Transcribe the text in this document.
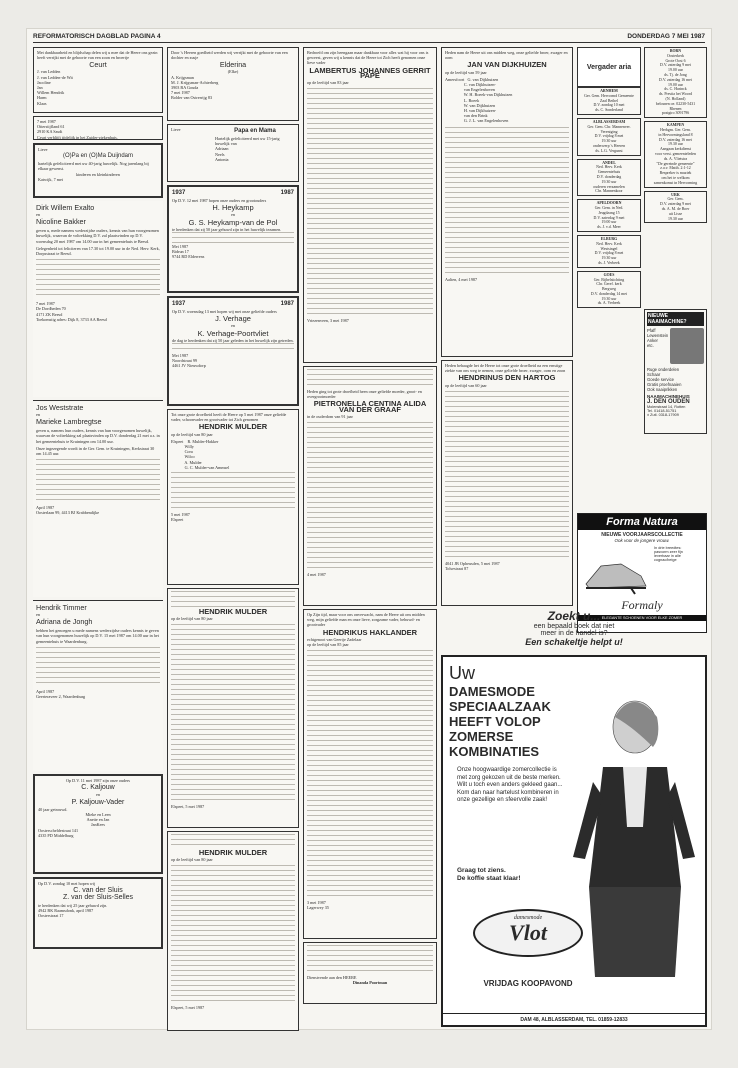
REFORMATORISCH DAGBLAD PAGINA 4	DONDERDAG 7 MEI 1987
Met dankbaarheid en blijdschap delen wij u mee dat de Heere ons gezin heeft verrijkt met de geboorte van een zoon en broertje
Ceurt
J. van Ledden
J. van Ledden-de Wit
Jacoline
Jan
Willem Hendrik
Harm
Klaas
7 mei 1987
Otterstijfland 61
2910 KA Sasdi
Ceurt verblijft tijdelijk in het Zuider-ziekenhuis.
Lieve
(O)Pa en (O)Ma Duijndam
hartelijk gefeliciteerd met uw 40-jarig huwelijk. Nog jarenlang bij elkaar gewenst.
kinderen en kleinkinderen
Katwijk, 7 mei
Dirk Willem Exalto
en
Nicoline Bakker
geven u, mede namens wederzijdse ouders, kennis van hun voorgenomen huwelijk, waarvan de voltrekking D.V. zal plaatsvinden op D.V. woensdag 20 mei 1987 om 14.00 uur in het gemeentehuis te Beesd.
Gelegenheid tot feliciteren van 17.30 tot 19.00 uur in de Ned. Herv. Kerk, Dorpsstraat te Beesd.
7 mei 1987
De Dordheden 70
4171 ZK Beesd
Toekomstig adres: Dijk 8, 3733 AA Beesd
Jos Weststrate
en
Marieke Lambregtse
geven u, namens hun ouders, kennis van hun voorgenomen huwelijk, waarvan de voltrekking zal plaatsvinden op D.V. donderdag 21 mei a.s. in het gemeentehuis te Kruiningen om 14.00 uur.
Onze ingezegende wordt in de Ger. Gem. te Kruiningen, Kerkstraat 30 om 14.45 uur.
April 1987
Oosterlaan 99, 4413 BJ Krabbendijke
Hendrik Timmer
en
Adriana de Jongh
hebben het genoegen u mede namens wederzijdse ouders kennis te geven van hun voorgenomen huwelijk op D.V. 15 mei 1987 om 14.00 uur in het gemeentehuis te Waardenburg.
April 1987
Geerteraveer 2, Waardenburg
Op D.V. 11 mei 1987 zijn onze ouders
C. Kaljouw
en
P. Kaljouw-Vader
40 jaar getrouwd.
Mieke en Leen
Anette en Jan
JanKees
Oosterscheldestraat 141
4335 PD Middelburg
Op D.V. zondag 10 mei hopen wij
C. van der Sluis
Z. van der Sluis-Selles
te herdenken dat wij 25 jaar gehuwd zijn.
4942 BK Raamsdonk, april 1987
Oosterstraat 17
Door 's Heeren goedheid werden wij verrijkt met de geboorte van een dochter en zusje
Elderina
(Elke)
A. Krijgsman
M. J. Krijgsman-Achterberg
3903 BA Gouda
7 mei 1987
Bolder van Ostrerrijg 83
Lieve	Papa en Mama
Hartelijk gefeliciteerd met uw 15-jarig huwelijk van
Adriaan
Neels
Antonia
1937	1987
Op D.V. 12 mei 1987 hopen onze ouders en grootouders
H. Heykamp
en
G. S. Heykamp-van de Pol
te herdenken dat zij 50 jaar gehuwd zijn in het huwelijk tezamen.
Mei 1987
Bidrun 17
9744 RD Elderrens
1937	1987
Op D.V. woensdag 13 mei hopen wij met onze geliefde ouders
J. Verhage
en
K. Verhage-Poortvliet
de dag te herdenken dat zij 50 jaar geleden in het huwelijk zijn getreden.
Mei 1987
Noordstraat 99
4461 JV Nieuwdorp
Tot onze grote droefheid heeft de Heere op 5 mei 1987 onze geliefde vader, schoonvader en grootvader tot Zich genomen
HENDRIK MULDER
op de leeftijd van 80 jaar
Elspeet    R. Mulder-Hakker
Willy
Cora
Wilco
A. Mulder
G. C. Mulder-van Ammsel
5 mei 1987
Elspeet
HENDRIK MULDER
op de leeftijd van 80 jaar
Elspeet, 5 mei 1987
HENDRIK MULDER
op de leeftijd van 80 jaar
Elspeet, 5 mei 1987
Bedroefd om zijn heengaan maar dankbaar voor alles wat hij voor ons is geweest, geven wij u kennis dat de Heere tot Zich heeft genomen onze lieve vader
LAMBERTUS JOHANNES GERRIT PAPE
op de leeftijd van 83 jaar
Vriezenveen, 3 mei 1987
Heden ging tot grote droefheid heen onze geliefde moeder, groot- en overgrootmoeder
PIETRONELLA CENTINA ALIDA VAN DER GRAAF
in de ouderdom van 91 jaar
4 mei 1987
Op Zijn tijd, maar voor ons onverwacht, nam de Heere uit ons midden weg, mijn geliefde man en onze lieve, zorgzame vader, behuwd- en grootvader
HENDRIKUS HAKLANDER
echtgenoot van Geertje Zadelaar
op de leeftijd van 85 jaar
3 mei 1987
Lagerwey 35
Dienstvende aan den HEERE
Dinanda Poortman
Heden nam de Heere uit ons midden weg, onze geliefde broer, zwager en oom
JAN VAN DIJKHUIZEN
op de leeftijd van 59 jaar
Amersfoort   G. van Dijkhuizen
C. van Dijkhuizen-
van Engelenhoven
W. H. Boeek-van Dijkhuizen
L. Boeek
W. van Dijkhuizen
H. van Dijkhuizen-
van den Brink
G. J. L. van Engelenhoven
Aalten, 4 mei 1987
Heden behaagde het de Heere tot onze grote droefheid na een ernstige ziekte van ons weg te nemen, onze geliefde broer, zwager, oom en zoon
HENDRINUS DEN HARTOG
op de leeftijd van 60 jaar
4041 JB Opheusden, 5 mei 1987
Tolsestraat 87
Vergader aria
ARNHEM
Ger. Gem. Hervormd Gemeente
Zaal Bethel
D.V. zondag 10 mei
ds. C. Sonderland
ALBLASSERDAM
Ger. Gem. Chr. Mannenver. Vereniging
D.V. vrijdag 8 mei
19.30 uur
onderwerp 's Heeren
ds. L.G. Vergunst
ANDEL
Ned. Herv. Kerk
Gemeentehuis
D.V. donderdag
19.30 uur
ouderen verzamelen
Chr. Mannenkoor
APELDOORN
Ger. Gem. in Ned.
Jeugdzang 15
D.V. zaterdag 9 mei
19.00 uur
ds. J. v.d. Meer
ELBURG
Ned. Herv. Kerk
Westsingel
D.V. vrijdag 8 mei
19.30 uur
ds. J. Verbeek
GOES
Ger. Bijbelstichting
Chr. Geref. kerk
Bergweg
D.V. donderdag 14 mei
19.30 uur
ds. A. Verbeek
BORN
Oosterkerk
Grote Oost 6
D.V. zaterdag 9 mei
19.00 uur
ds. Tj. de Jong
D.V. zaterdag 16 mei
19.00 uur
ds. C. Harinck
ds. Prestia het Woord
(N. Holland)
belosnen oe. 02230-5431
Rhenen
postgiro 3091796
KAMPEN
Herbgm. Ger. Gem.
in Hervormingsland 8
D.V. zaterdag 16 mei
19.30 uur
Aangaan kerkdienst
voor verst. gemeenteleden
ds. A. Vlietstra
"De gereinde gemeente"
z.a.v. Matth. 2:1-12
Bespreker is muziek
om het te welkom
samenkomst in Hervorming
URK
Ger. Gem.
D.V. zaterdag 9 mei
ds. A. M. de Boer
uit Lisse
19.30 uur
NIEUWE NAAIMACHINE?
Pfaff
Lewenstein
Anker
etc.
Ruge onderdelen
Schaar
Goede service
Gratis proefnaaien
Ook naaiprikken
NAAIMACHINEHUIS
J. DEN OUDEN
Molenstraat 14, Rotten
Tel. 01418-51751
± Zutl. 0318-17909
Forma Natura
NIEUWE VOORJAARSCOLLECTIE
Ook voor de jongere vrouw.
In drie breedtes:
pasvorm zeer fijn
leverbaar in alle
cognac/beige
Formaly
ELEGANTE SCHOENEN VOOR ELKE ZOMER
Zoekt u...
een bepaald boek dat niet
meer in de handel is?
Een schakeltje helpt u!
Uw
DAMESMODE
SPECIAALZAAK
HEEFT VOLOP
ZOMERSE
KOMBINATIES
Onze hoogwaardige zomercollectie is met zorg gekozen uit de beste merken.
Wilt u toch even anders gekleed gaan... Kom dan naar hartelust kombineren in onze gezellige en sfeervolle zaak!
Graag tot ziens.
De koffie staat klaar!
damesmode
Vlot
VRIJDAG KOOPAVOND
DAM 48, ALBLASSERDAM, TEL. 01859-12833
